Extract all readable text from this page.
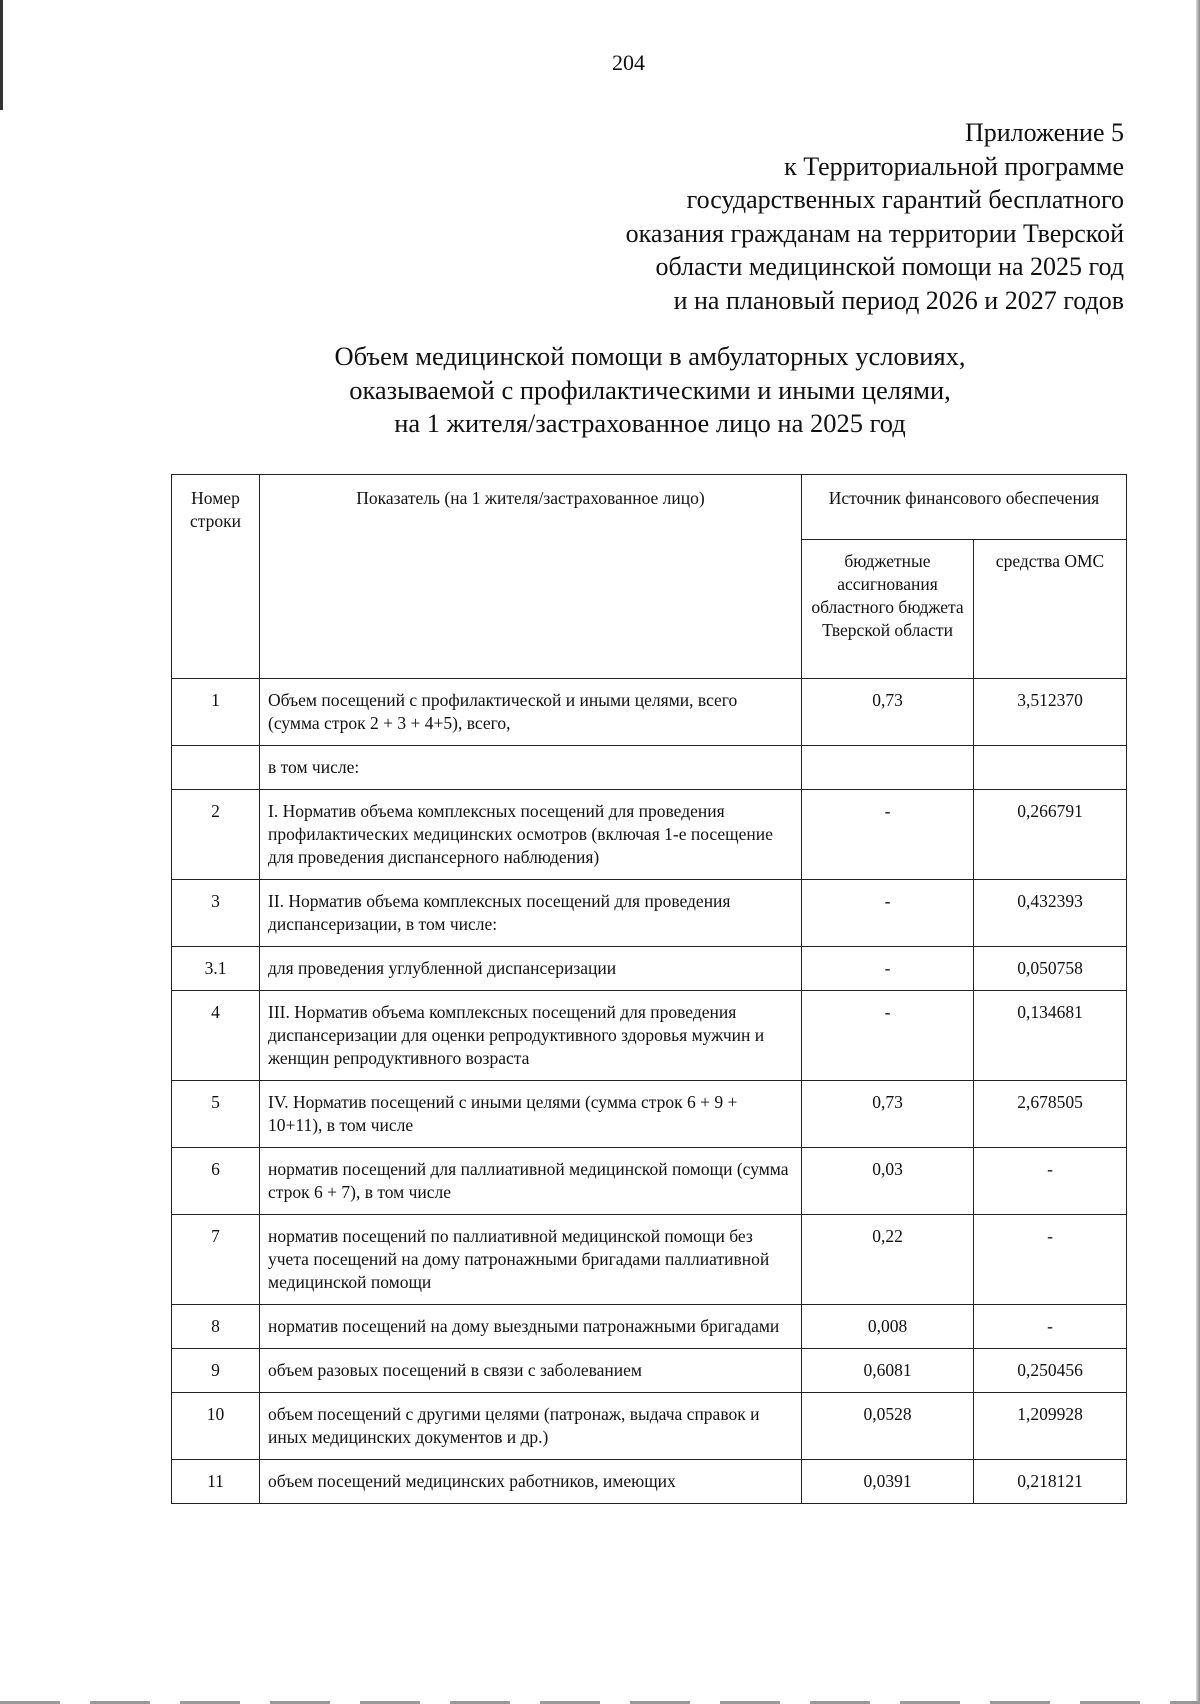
204
Приложение 5
к Территориальной программе
государственных гарантий бесплатного
оказания гражданам на территории Тверской
области медицинской помощи на 2025 год
и на плановый период 2026 и 2027 годов
Объем медицинской помощи в амбулаторных условиях,
оказываемой с профилактическими и иными целями,
на 1 жителя/застрахованное лицо на 2025 год
Номер строки	Показатель (на 1 жителя/застрахованное лицо)	Источник финансового обеспечения	
		бюджетные ассигнования областного бюджета Тверской области	средства ОМС
1	Объем посещений с профилактической и иными целями, всего (сумма строк 2 + 3 + 4+5), всего,	0,73	3,512370
	в том числе:		
2	I. Норматив объема комплексных посещений для проведения профилактических медицинских осмотров (включая 1-е посещение для проведения диспансерного наблюдения)	-	0,266791
3	II. Норматив объема комплексных посещений для проведения диспансеризации, в том числе:	-	0,432393
3.1	для проведения углубленной диспансеризации	-	0,050758
4	III. Норматив объема комплексных посещений для проведения диспансеризации для оценки репродуктивного здоровья мужчин и женщин репродуктивного возраста	-	0,134681
5	IV. Норматив посещений с иными целями (сумма строк 6 + 9 + 10+11), в том числе	0,73	2,678505
6	норматив посещений для паллиативной медицинской помощи (сумма строк 6 + 7), в том числе	0,03	-
7	норматив посещений по паллиативной медицинской помощи без учета посещений на дому патронажными бригадами паллиативной медицинской помощи	0,22	-
8	норматив посещений на дому выездными патронажными бригадами	0,008	-
9	объем разовых посещений в связи с заболеванием	0,6081	0,250456
10	объем посещений с другими целями (патронаж, выдача справок и иных медицинских документов и др.)	0,0528	1,209928
11	объем посещений медицинских работников, имеющих	0,0391	0,218121
